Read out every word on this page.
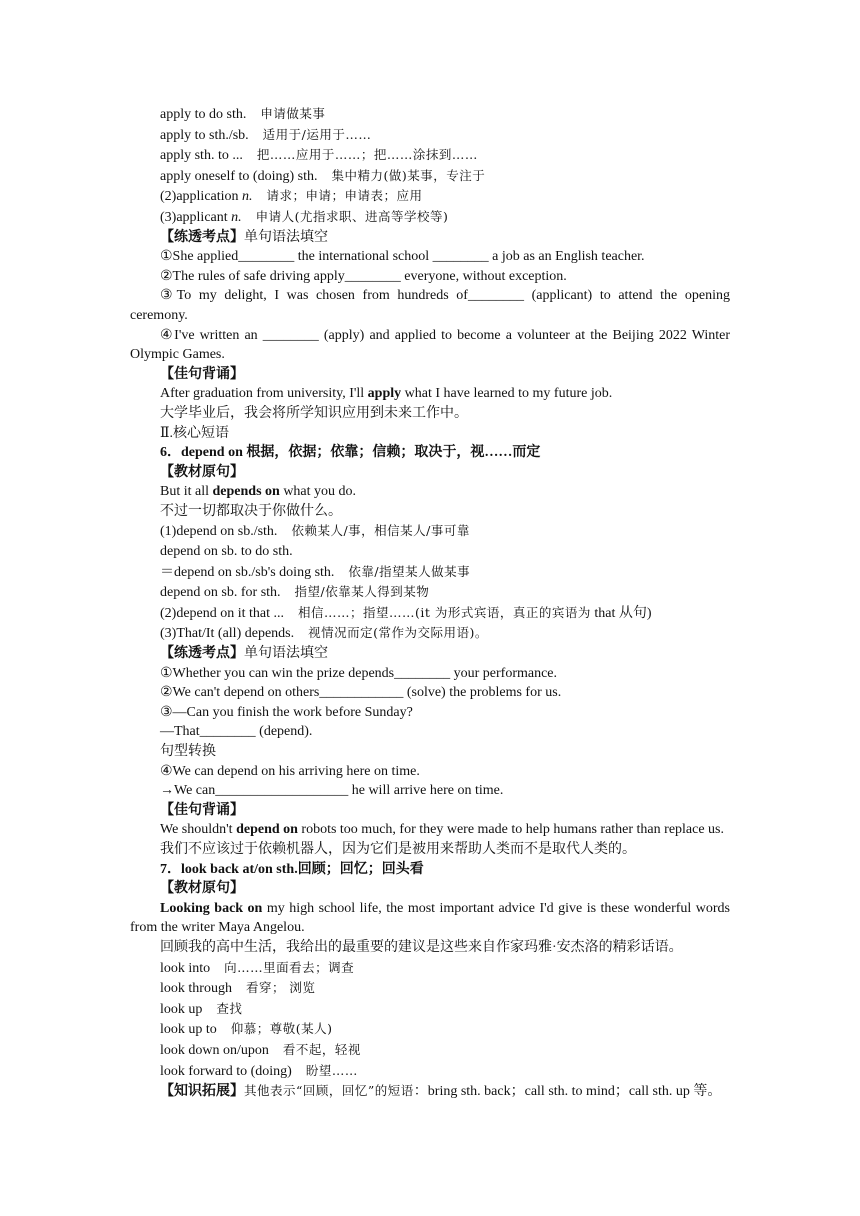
apply to do sth. 申请做某事
apply to sth./sb. 适用于/运用于……
apply sth. to ... 把……应用于……；把……涂抹到……
apply oneself to (doing) sth. 集中精力(做)某事，专注于
(2)application n. 请求；申请；申请表；应用
(3)applicant n. 申请人(尤指求职、进高等学校等)
【练透考点】单句语法填空
①She applied________ the international school ________ a job as an English teacher.
②The rules of safe driving apply________ everyone, without exception.
③To my delight, I was chosen from hundreds of________ (applicant) to attend the opening ceremony.
④I've written an ________ (apply) and applied to become a volunteer at the Beijing 2022 Winter Olympic Games.
【佳句背诵】
After graduation from university, I'll apply what I have learned to my future job.
大学毕业后，我会将所学知识应用到未来工作中。
Ⅱ.核心短语
6．depend on 根据，依据；依靠；信赖；取决于，视……而定
【教材原句】
But it all depends on what you do.
不过一切都取决于你做什么。
(1)depend on sb./sth. 依赖某人/事，相信某人/事可靠
depend on sb. to do sth.
＝depend on sb./sb's doing sth. 依靠/指望某人做某事
depend on sb. for sth. 指望/依靠某人得到某物
(2)depend on it that ... 相信……；指望……(it 为形式宾语，真正的宾语为 that 从句)
(3)That/It (all) depends. 视情况而定(常作为交际用语)。
【练透考点】单句语法填空
①Whether you can win the prize depends________ your performance.
②We can't depend on others____________ (solve) the problems for us.
③—Can you finish the work before Sunday?
—That________ (depend).
句型转换
④We can depend on his arriving here on time.
→We can___________________ he will arrive here on time.
【佳句背诵】
We shouldn't depend on robots too much, for they were made to help humans rather than replace us.
我们不应该过于依赖机器人，因为它们是被用来帮助人类而不是取代人类的。
7．look back at/on sth.回顾；回忆；回头看
【教材原句】
Looking back on my high school life, the most important advice I'd give is these wonderful words from the writer Maya Angelou.
回顾我的高中生活，我给出的最重要的建议是这些来自作家玛雅·安杰洛的精彩话语。
look into 向……里面看去；调查
look through 看穿； 浏览
look up 查找
look up to 仰慕；尊敬(某人)
look down on/upon 看不起，轻视
look forward to (doing) 盼望……
【知识拓展】其他表示“回顾，回忆”的短语：bring sth. back；call sth. to mind；call sth. up 等。
